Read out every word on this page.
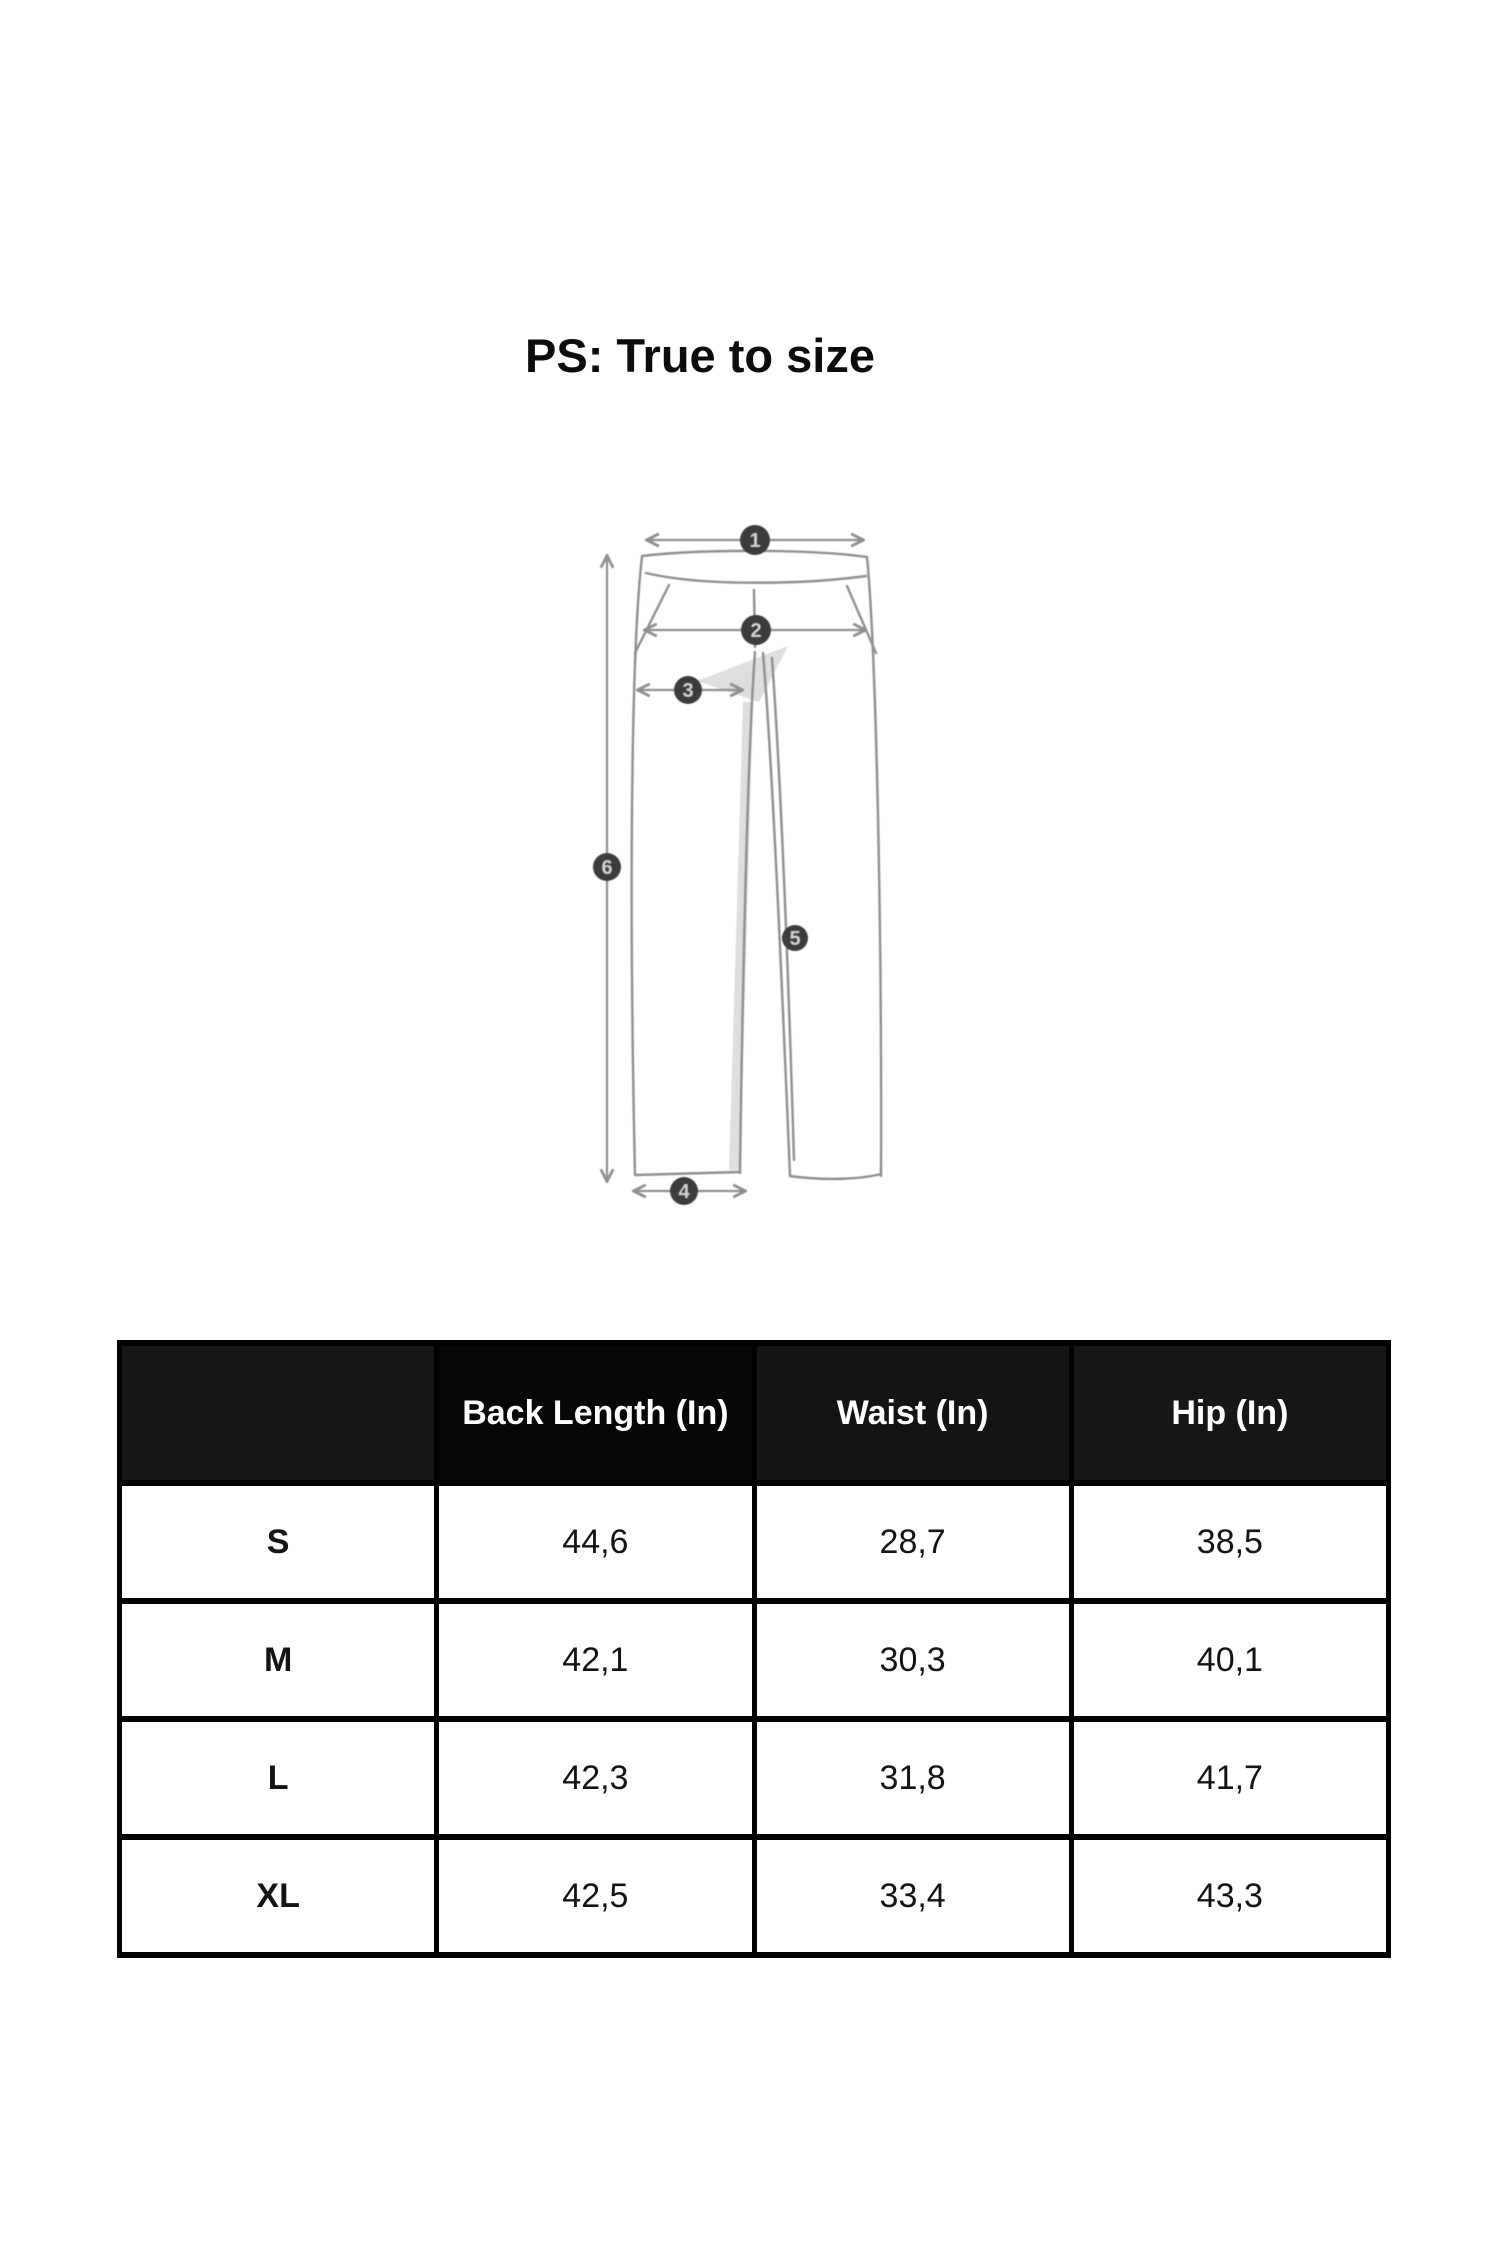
PS: True to size
1
2
3
4
5
6
	Back Length (In)	Waist (In)	Hip (In)
S	44,6	28,7	38,5
M	42,1	30,3	40,1
L	42,3	31,8	41,7
XL	42,5	33,4	43,3
